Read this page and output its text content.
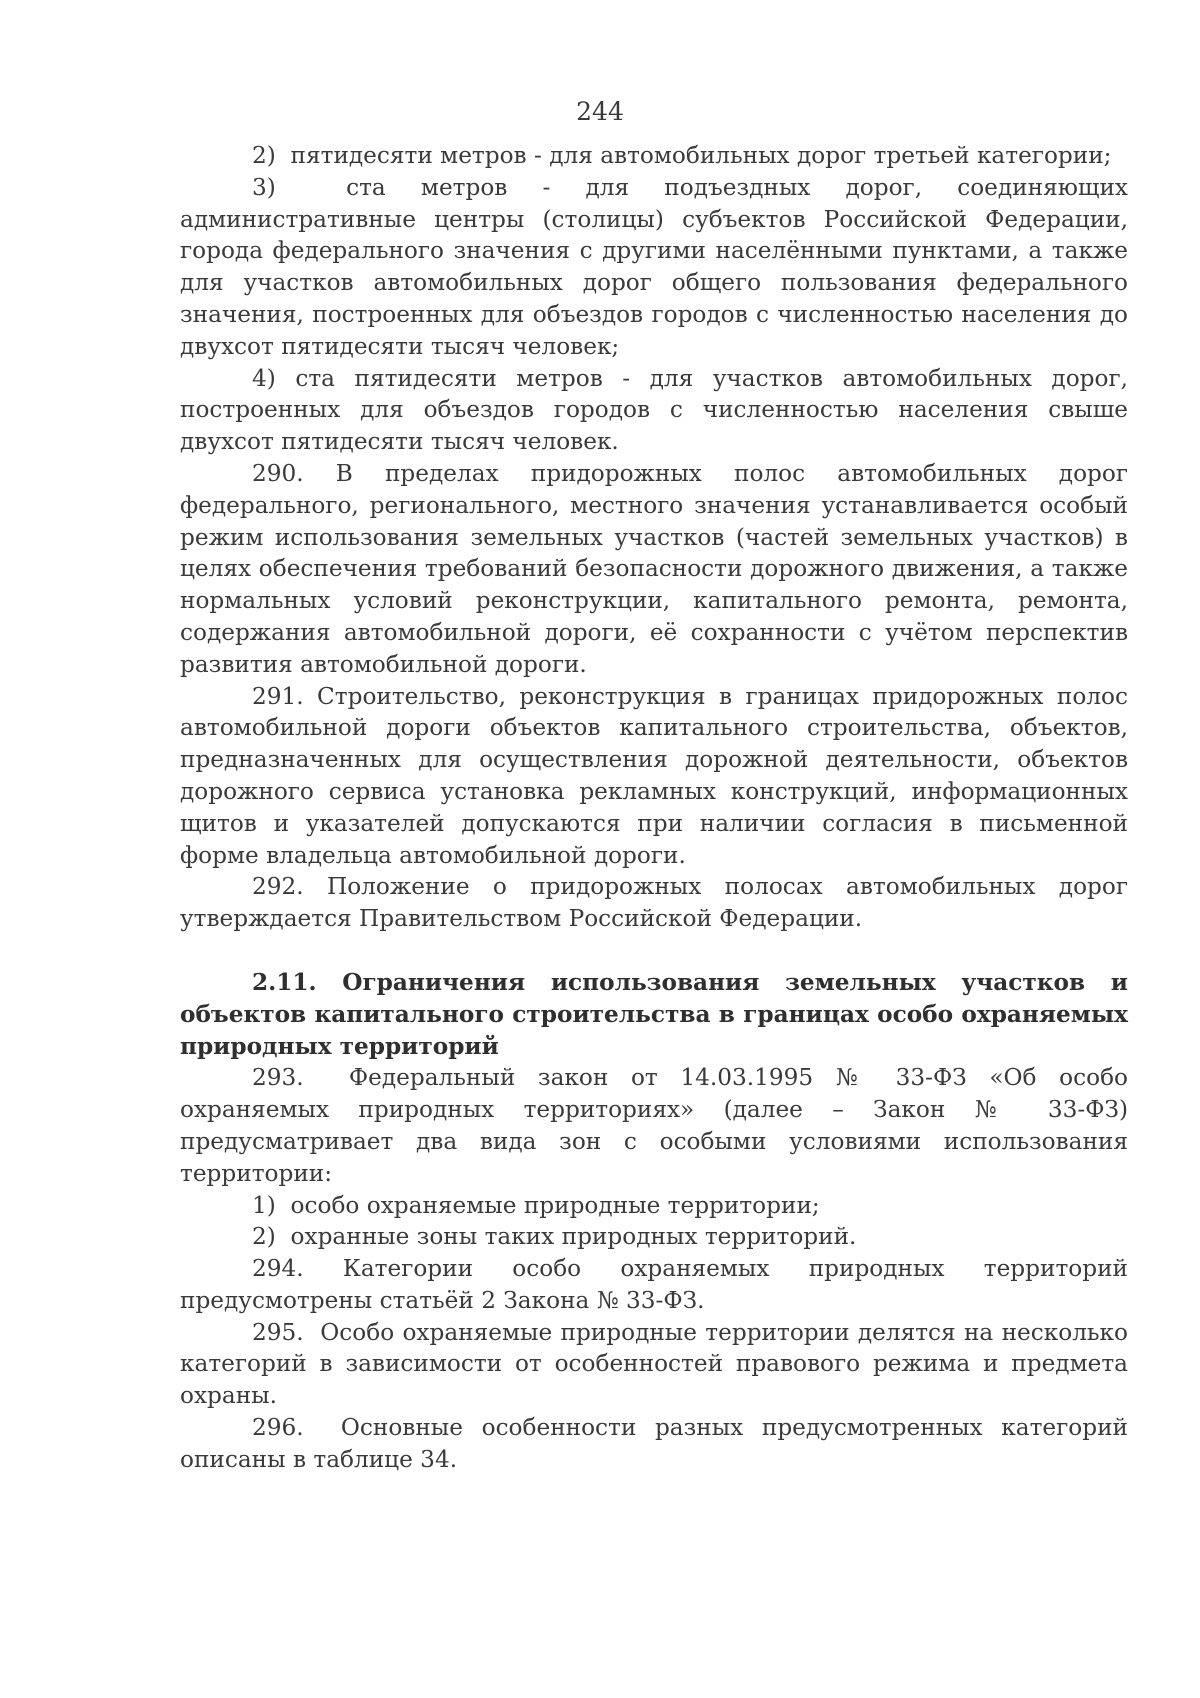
244

2)  пятидесяти метров - для автомобильных дорог третьей категории;

3)  ста метров - для подъездных дорог, соединяющих административные центры (столицы) субъектов Российской Федерации, города федерального значения с другими населёнными пунктами, а также для участков автомобильных дорог общего пользования федерального значения, построенных для объездов городов с численностью населения до двухсот пятидесяти тысяч человек;

4) ста пятидесяти метров - для участков автомобильных дорог, построенных для объездов городов с численностью населения свыше двухсот пятидесяти тысяч человек.

290. В пределах придорожных полос автомобильных дорог федерального, регионального, местного значения устанавливается особый режим использования земельных участков (частей земельных участков) в целях обеспечения требований безопасности дорожного движения, а также нормальных условий реконструкции, капитального ремонта, ремонта, содержания автомобильной дороги, её сохранности с учётом перспектив развития автомобильной дороги.

291. Строительство, реконструкция в границах придорожных полос автомобильной дороги объектов капитального строительства, объектов, предназначенных для осуществления дорожной деятельности, объектов дорожного сервиса установка рекламных конструкций, информационных щитов и указателей допускаются при наличии согласия в письменной форме владельца автомобильной дороги.

292. Положение о придорожных полосах автомобильных дорог утверждается Правительством Российской Федерации.

2.11. Ограничения использования земельных участков и объектов капитального строительства в границах особо охраняемых природных территорий

293.  Федеральный закон от 14.03.1995 № 33-ФЗ «Об особо охраняемых природных территориях» (далее – Закон № 33-ФЗ) предусматривает два вида зон с особыми условиями использования территории:

1)  особо охраняемые природные территории;

2)  охранные зоны таких природных территорий.

294. Категории особо охраняемых природных территорий предусмотрены статьёй 2 Закона № 33-ФЗ.

295.  Особо охраняемые природные территории делятся на несколько категорий в зависимости от особенностей правового режима и предмета охраны.

296.  Основные особенности разных предусмотренных категорий описаны в таблице 34.
